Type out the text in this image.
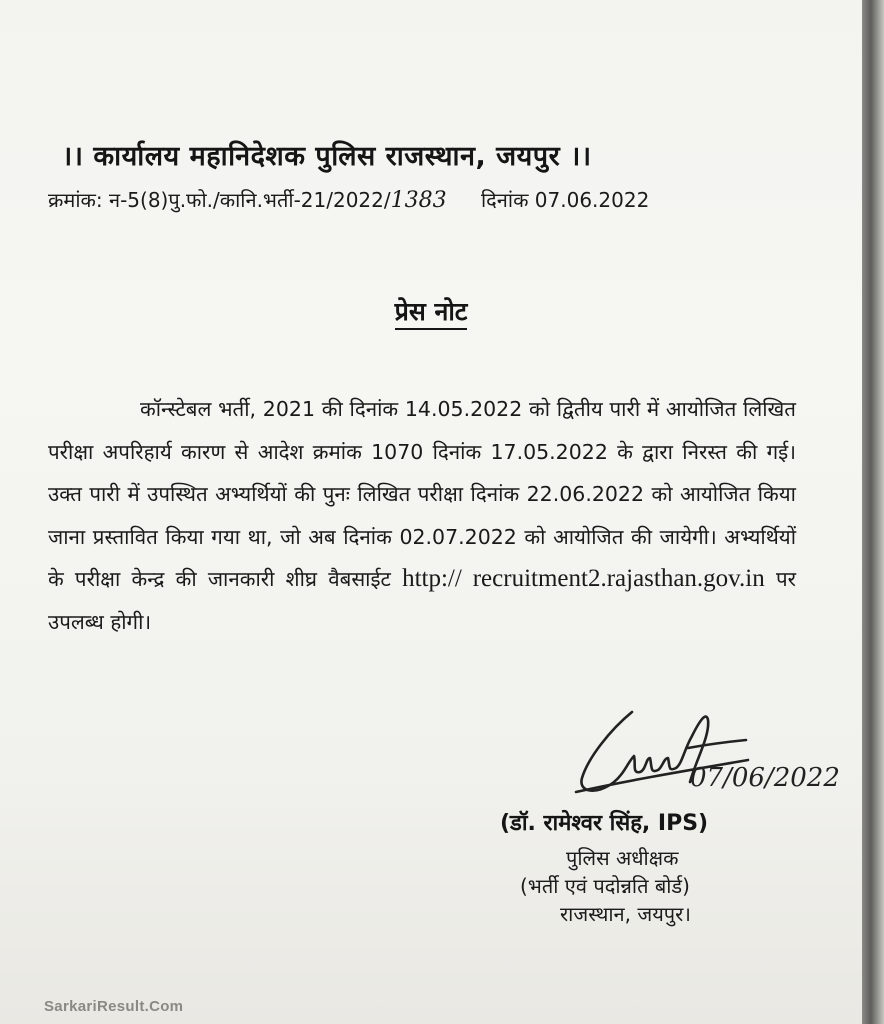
।। कार्यालय महानिदेशक पुलिस राजस्थान, जयपुर ।।
क्रमांक: न-5(8)पु.फो./कानि.भर्ती-21/2022/1383 दिनांक 07.06.2022
प्रेस नोट
कॉन्स्टेबल भर्ती, 2021 की दिनांक 14.05.2022 को द्वितीय पारी में आयोजित लिखित परीक्षा अपरिहार्य कारण से आदेश क्रमांक 1070 दिनांक 17.05.2022 के द्वारा निरस्त की गई। उक्त पारी में उपस्थित अभ्यर्थियों की पुनः लिखित परीक्षा दिनांक 22.06.2022 को आयोजित किया जाना प्रस्तावित किया गया था, जो अब दिनांक 02.07.2022 को आयोजित की जायेगी। अभ्यर्थियों के परीक्षा केन्द्र की जानकारी शीघ्र वैबसाईट http:// recruitment2.rajasthan.gov.in पर उपलब्ध होगी।
07/06/2022
(डॉ. रामेश्वर सिंह, IPS)
पुलिस अधीक्षक
(भर्ती एवं पदोन्नति बोर्ड)
राजस्थान, जयपुर।
SarkariResult.Com
